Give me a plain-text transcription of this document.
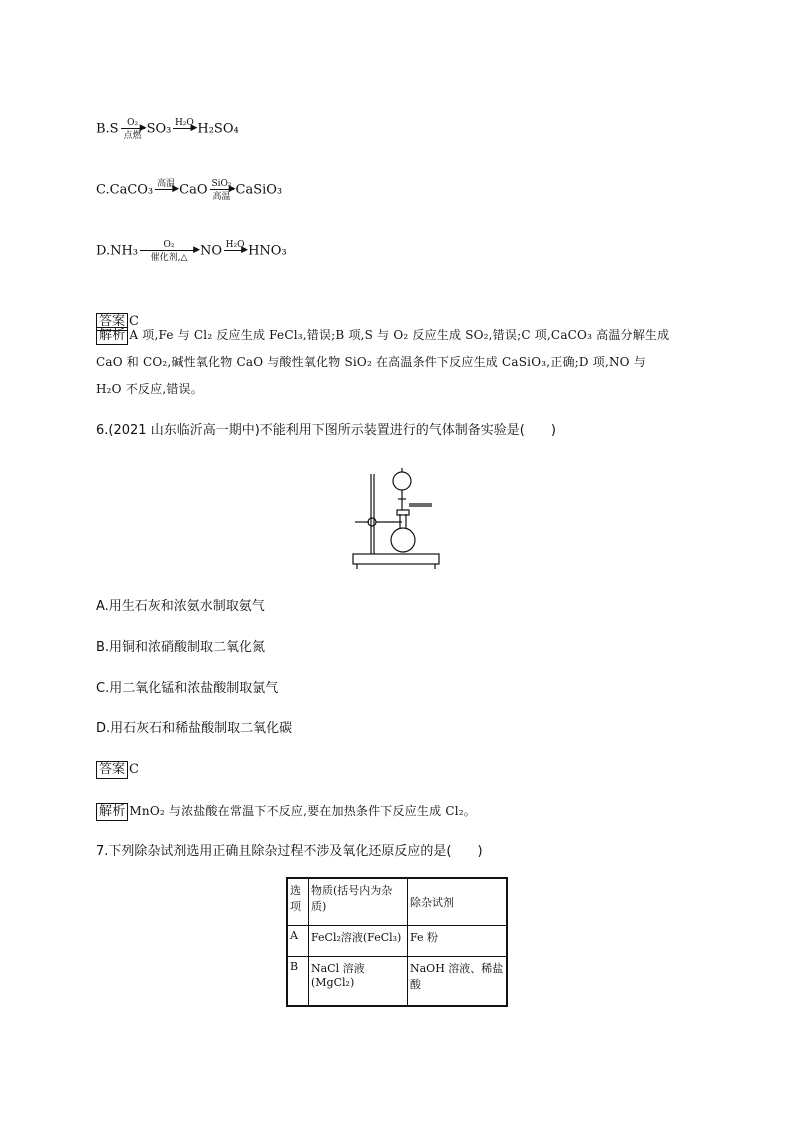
B.S O₂ ▶
点燃 SO₃ H₂O
▶ H₂SO₄
C.CaCO₃ 高温
▶ CaO SiO₂
▶
高温 CaSiO₃
D.NH₃	O₂	▶
催化剂,△ NO H₂O
▶ HNO₃
答案 C
解析 A 项,Fe 与 Cl₂ 反应生成 FeCl₃,错误;B 项,S 与 O₂ 反应生成 SO₂,错误;C 项,CaCO₃ 高温分解生成
CaO 和 CO₂,碱性氧化物 CaO 与酸性氧化物 SiO₂ 在高温条件下反应生成 CaSiO₃,正确;D 项,NO 与
H₂O 不反应,错误。
6.(2021 山东临沂高一期中)不能利用下图所示装置进行的气体制备实验是(　　)
A.用生石灰和浓氨水制取氨气
B.用铜和浓硝酸制取二氧化氮
C.用二氧化锰和浓盐酸制取氯气
D.用石灰石和稀盐酸制取二氧化碳
答案 C
解析 MnO₂ 与浓盐酸在常温下不反应,要在加热条件下反应生成 Cl₂。
7.下列除杂试剂选用正确且除杂过程不涉及氧化还原反应的是(　　)
选项	物质(括号内为杂质)	除杂试剂
A	FeCl₂溶液(FeCl₃)	Fe 粉
B	NaCl 溶液(MgCl₂)	NaOH 溶液、稀盐酸
